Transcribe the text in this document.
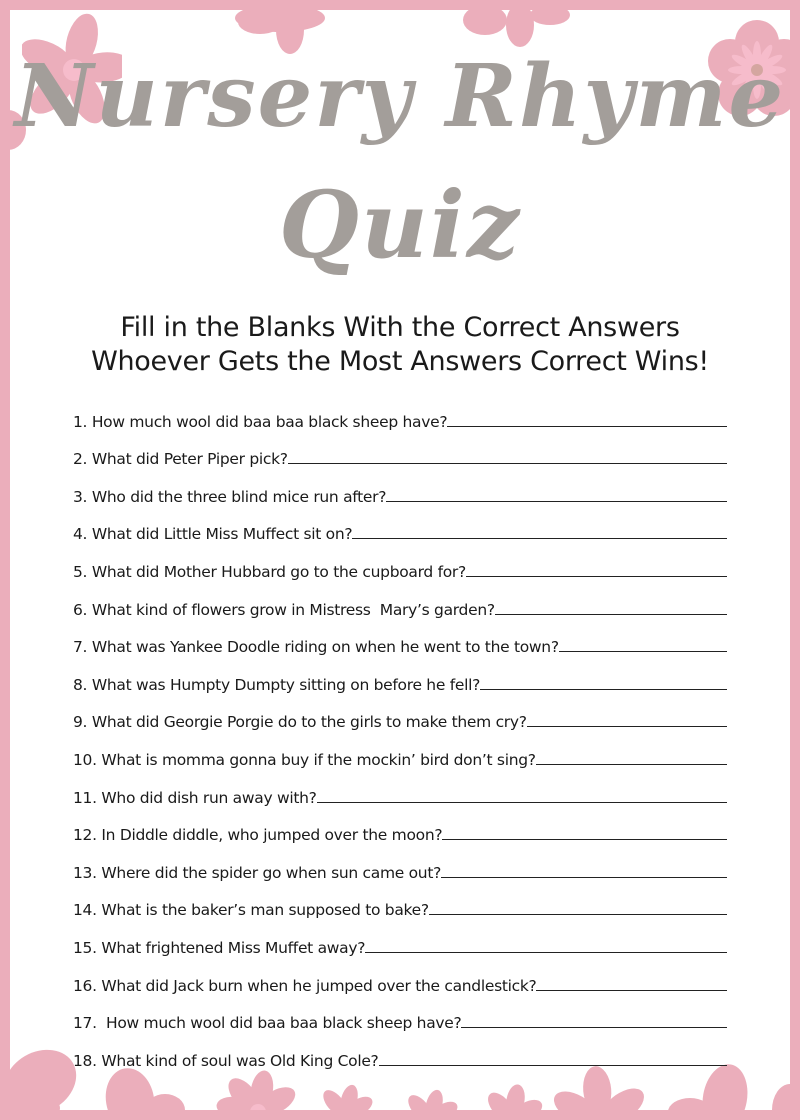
Nursery Rhyme
Quiz
Fill in the Blanks With the Correct Answers
Whoever Gets the Most Answers Correct Wins!
1. How much wool did baa baa black sheep have?
2. What did Peter Piper pick?
3. Who did the three blind mice run after?
4. What did Little Miss Muffect sit on?
5. What did Mother Hubbard go to the cupboard for?
6. What kind of flowers grow in Mistress  Mary’s garden?
7. What was Yankee Doodle riding on when he went to the town?
8. What was Humpty Dumpty sitting on before he fell?
9. What did Georgie Porgie do to the girls to make them cry?
10. What is momma gonna buy if the mockin’ bird don’t sing?
11. Who did dish run away with?
12. In Diddle diddle, who jumped over the moon?
13. Where did the spider go when sun came out?
14. What is the baker’s man supposed to bake?
15. What frightened Miss Muffet away?
16. What did Jack burn when he jumped over the candlestick?
17. How much wool did baa baa black sheep have?
18. What kind of soul was Old King Cole?
